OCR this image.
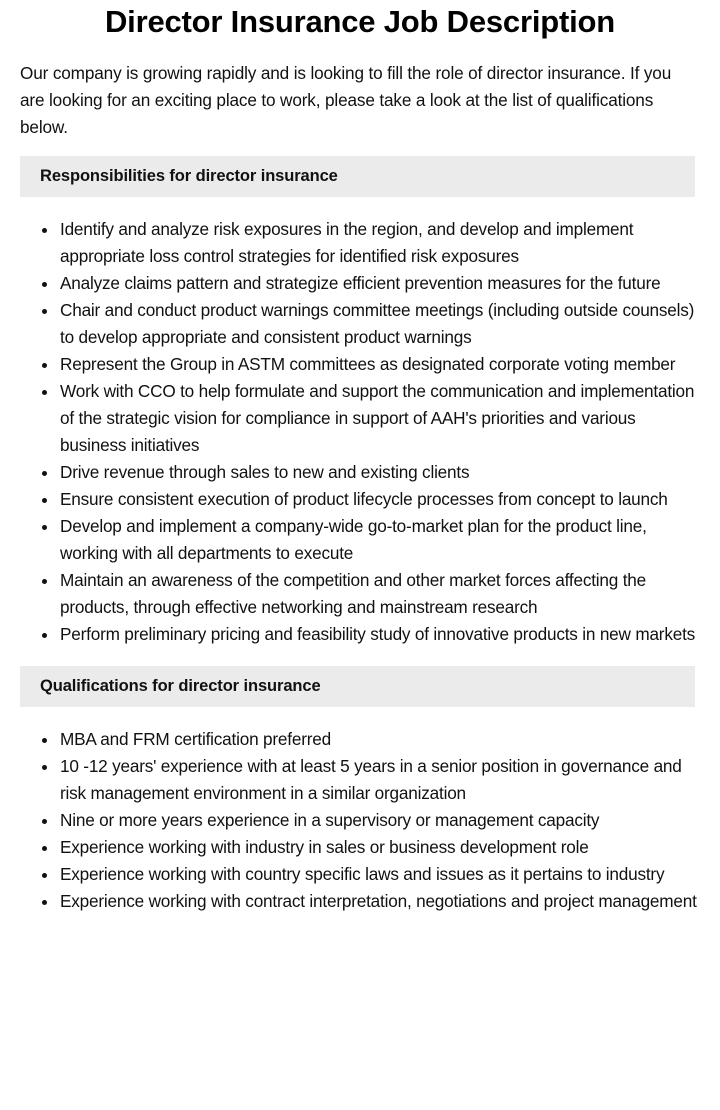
Director Insurance Job Description

Our company is growing rapidly and is looking to fill the role of director insurance. If you are looking for an exciting place to work, please take a look at the list of qualifications below.

Responsibilities for director insurance
Identify and analyze risk exposures in the region, and develop and implement appropriate loss control strategies for identified risk exposures
Analyze claims pattern and strategize efficient prevention measures for the future
Chair and conduct product warnings committee meetings (including outside counsels) to develop appropriate and consistent product warnings
Represent the Group in ASTM committees as designated corporate voting member
Work with CCO to help formulate and support the communication and implementation of the strategic vision for compliance in support of AAH's priorities and various business initiatives
Drive revenue through sales to new and existing clients
Ensure consistent execution of product lifecycle processes from concept to launch
Develop and implement a company-wide go-to-market plan for the product line, working with all departments to execute
Maintain an awareness of the competition and other market forces affecting the products, through effective networking and mainstream research
Perform preliminary pricing and feasibility study of innovative products in new markets
Qualifications for director insurance
MBA and FRM certification preferred
10 -12 years' experience with at least 5 years in a senior position in governance and risk management environment in a similar organization
Nine or more years experience in a supervisory or management capacity
Experience working with industry in sales or business development role
Experience working with country specific laws and issues as it pertains to industry
Experience working with contract interpretation, negotiations and project management
